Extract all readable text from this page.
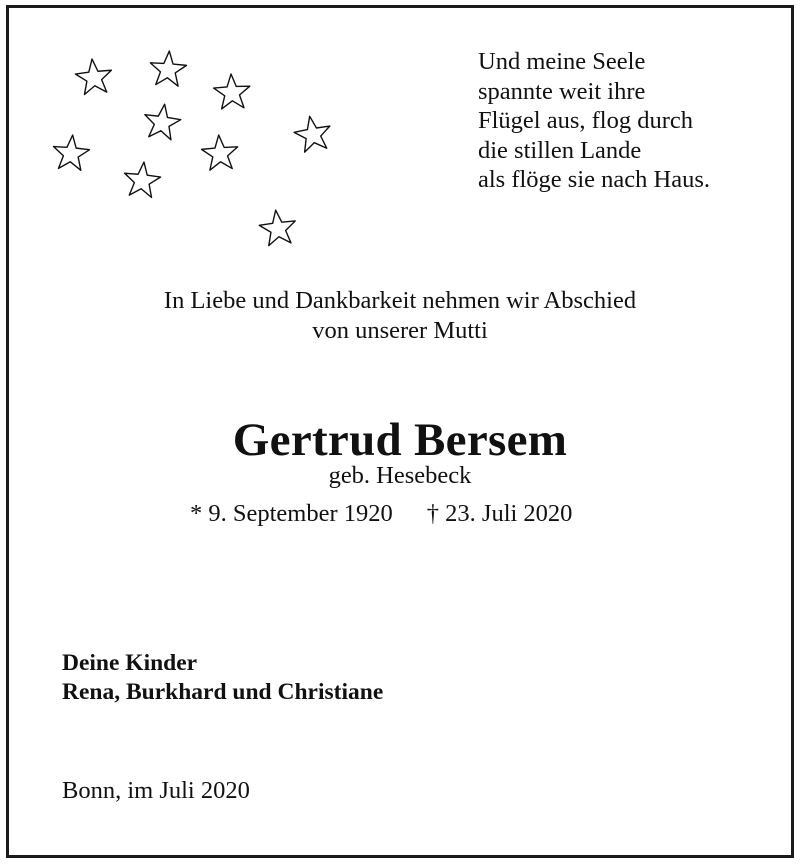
Und meine Seele
spannte weit ihre
Flügel aus, flog durch
die stillen Lande
als flöge sie nach Haus.
In Liebe und Dankbarkeit nehmen wir Abschied
von unserer Mutti
Gertrud Bersem
geb. Hesebeck
* 9. September 1920 † 23. Juli 2020
Deine Kinder
Rena, Burkhard und Christiane
Bonn, im Juli 2020
